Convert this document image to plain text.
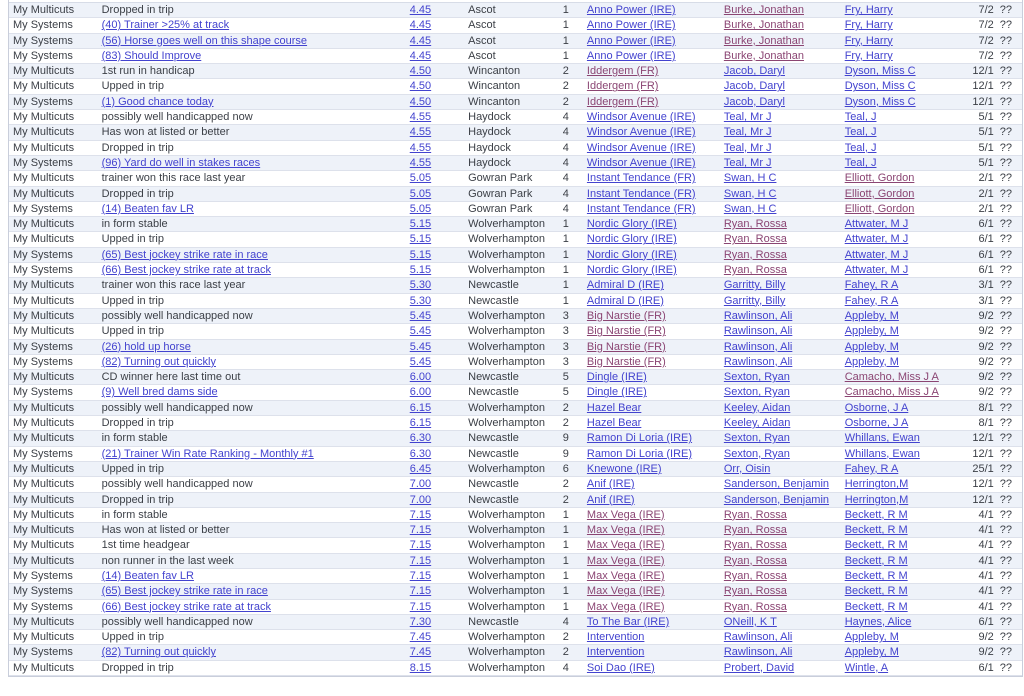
My Multicuts	Dropped in trip	4.45	Ascot	1	Anno Power (IRE)	Burke, Jonathan	Fry, Harry	7/2	??
My Systems	(40) Trainer >25% at track	4.45	Ascot	1	Anno Power (IRE)	Burke, Jonathan	Fry, Harry	7/2	??
My Systems	(56) Horse goes well on this shape course	4.45	Ascot	1	Anno Power (IRE)	Burke, Jonathan	Fry, Harry	7/2	??
My Systems	(83) Should Improve	4.45	Ascot	1	Anno Power (IRE)	Burke, Jonathan	Fry, Harry	7/2	??
My Multicuts	1st run in handicap	4.50	Wincanton	2	Iddergem (FR)	Jacob, Daryl	Dyson, Miss C	12/1	??
My Multicuts	Upped in trip	4.50	Wincanton	2	Iddergem (FR)	Jacob, Daryl	Dyson, Miss C	12/1	??
My Systems	(1) Good chance today	4.50	Wincanton	2	Iddergem (FR)	Jacob, Daryl	Dyson, Miss C	12/1	??
My Multicuts	possibly well handicapped now	4.55	Haydock	4	Windsor Avenue (IRE)	Teal, Mr J	Teal, J	5/1	??
My Multicuts	Has won at listed or better	4.55	Haydock	4	Windsor Avenue (IRE)	Teal, Mr J	Teal, J	5/1	??
My Multicuts	Dropped in trip	4.55	Haydock	4	Windsor Avenue (IRE)	Teal, Mr J	Teal, J	5/1	??
My Systems	(96) Yard do well in stakes races	4.55	Haydock	4	Windsor Avenue (IRE)	Teal, Mr J	Teal, J	5/1	??
My Multicuts	trainer won this race last year	5.05	Gowran Park	4	Instant Tendance (FR)	Swan, H C	Elliott, Gordon	2/1	??
My Multicuts	Dropped in trip	5.05	Gowran Park	4	Instant Tendance (FR)	Swan, H C	Elliott, Gordon	2/1	??
My Systems	(14) Beaten fav LR	5.05	Gowran Park	4	Instant Tendance (FR)	Swan, H C	Elliott, Gordon	2/1	??
My Multicuts	in form stable	5.15	Wolverhampton	1	Nordic Glory (IRE)	Ryan, Rossa	Attwater, M J	6/1	??
My Multicuts	Upped in trip	5.15	Wolverhampton	1	Nordic Glory (IRE)	Ryan, Rossa	Attwater, M J	6/1	??
My Systems	(65) Best jockey strike rate in race	5.15	Wolverhampton	1	Nordic Glory (IRE)	Ryan, Rossa	Attwater, M J	6/1	??
My Systems	(66) Best jockey strike rate at track	5.15	Wolverhampton	1	Nordic Glory (IRE)	Ryan, Rossa	Attwater, M J	6/1	??
My Multicuts	trainer won this race last year	5.30	Newcastle	1	Admiral D (IRE)	Garritty, Billy	Fahey, R A	3/1	??
My Multicuts	Upped in trip	5.30	Newcastle	1	Admiral D (IRE)	Garritty, Billy	Fahey, R A	3/1	??
My Multicuts	possibly well handicapped now	5.45	Wolverhampton	3	Big Narstie (FR)	Rawlinson, Ali	Appleby, M	9/2	??
My Multicuts	Upped in trip	5.45	Wolverhampton	3	Big Narstie (FR)	Rawlinson, Ali	Appleby, M	9/2	??
My Systems	(26) hold up horse	5.45	Wolverhampton	3	Big Narstie (FR)	Rawlinson, Ali	Appleby, M	9/2	??
My Systems	(82) Turning out quickly	5.45	Wolverhampton	3	Big Narstie (FR)	Rawlinson, Ali	Appleby, M	9/2	??
My Multicuts	CD winner here last time out	6.00	Newcastle	5	Dingle (IRE)	Sexton, Ryan	Camacho, Miss J A	9/2	??
My Systems	(9) Well bred dams side	6.00	Newcastle	5	Dingle (IRE)	Sexton, Ryan	Camacho, Miss J A	9/2	??
My Multicuts	possibly well handicapped now	6.15	Wolverhampton	2	Hazel Bear	Keeley, Aidan	Osborne, J A	8/1	??
My Multicuts	Dropped in trip	6.15	Wolverhampton	2	Hazel Bear	Keeley, Aidan	Osborne, J A	8/1	??
My Multicuts	in form stable	6.30	Newcastle	9	Ramon Di Loria (IRE)	Sexton, Ryan	Whillans, Ewan	12/1	??
My Systems	(21) Trainer Win Rate Ranking - Monthly #1	6.30	Newcastle	9	Ramon Di Loria (IRE)	Sexton, Ryan	Whillans, Ewan	12/1	??
My Multicuts	Upped in trip	6.45	Wolverhampton	6	Knewone (IRE)	Orr, Oisin	Fahey, R A	25/1	??
My Multicuts	possibly well handicapped now	7.00	Newcastle	2	Anif (IRE)	Sanderson, Benjamin	Herrington,M	12/1	??
My Multicuts	Dropped in trip	7.00	Newcastle	2	Anif (IRE)	Sanderson, Benjamin	Herrington,M	12/1	??
My Multicuts	in form stable	7.15	Wolverhampton	1	Max Vega (IRE)	Ryan, Rossa	Beckett, R M	4/1	??
My Multicuts	Has won at listed or better	7.15	Wolverhampton	1	Max Vega (IRE)	Ryan, Rossa	Beckett, R M	4/1	??
My Multicuts	1st time headgear	7.15	Wolverhampton	1	Max Vega (IRE)	Ryan, Rossa	Beckett, R M	4/1	??
My Multicuts	non runner in the last week	7.15	Wolverhampton	1	Max Vega (IRE)	Ryan, Rossa	Beckett, R M	4/1	??
My Systems	(14) Beaten fav LR	7.15	Wolverhampton	1	Max Vega (IRE)	Ryan, Rossa	Beckett, R M	4/1	??
My Systems	(65) Best jockey strike rate in race	7.15	Wolverhampton	1	Max Vega (IRE)	Ryan, Rossa	Beckett, R M	4/1	??
My Systems	(66) Best jockey strike rate at track	7.15	Wolverhampton	1	Max Vega (IRE)	Ryan, Rossa	Beckett, R M	4/1	??
My Multicuts	possibly well handicapped now	7.30	Newcastle	4	To The Bar (IRE)	ONeill, K T	Haynes, Alice	6/1	??
My Multicuts	Upped in trip	7.45	Wolverhampton	2	Intervention	Rawlinson, Ali	Appleby, M	9/2	??
My Systems	(82) Turning out quickly	7.45	Wolverhampton	2	Intervention	Rawlinson, Ali	Appleby, M	9/2	??
My Multicuts	Dropped in trip	8.15	Wolverhampton	4	Soi Dao (IRE)	Probert, David	Wintle, A	6/1	??
